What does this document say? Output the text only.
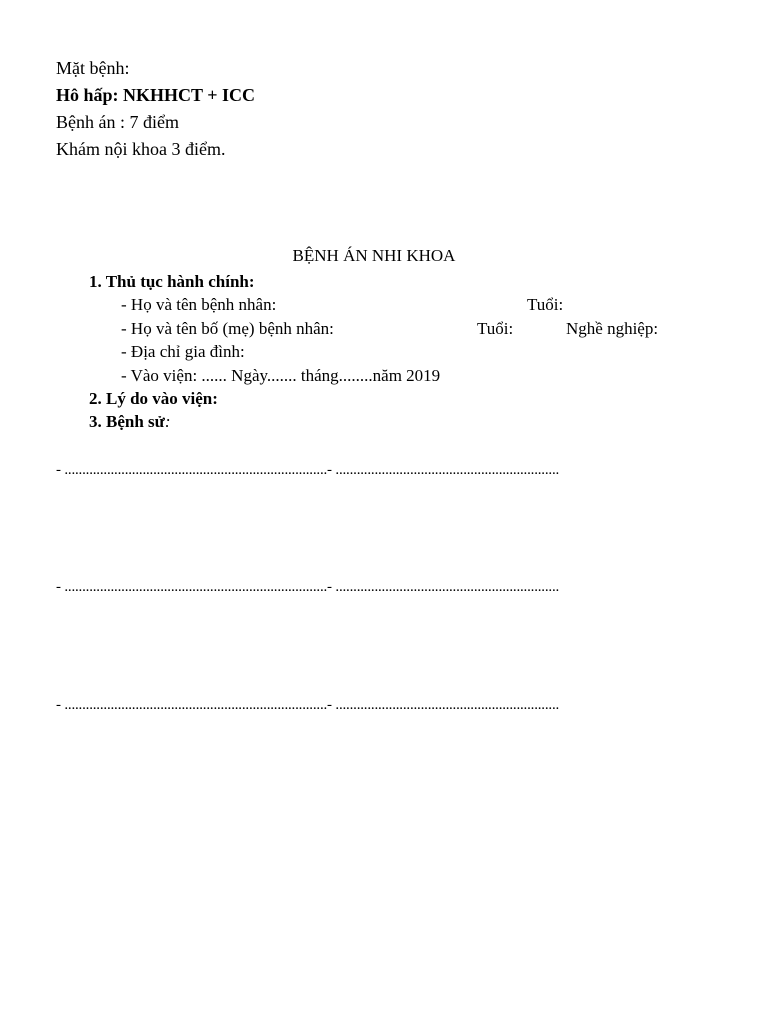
Mặt bệnh:
Hô hấp: NKHHCT + ICC
Bệnh án : 7 điểm
Khám nội khoa 3 điểm.
BỆNH ÁN NHI KHOA
1. Thủ tục hành chính:
- Họ và tên bệnh nhân:	Tuổi:
- Họ và tên bố (mẹ) bệnh nhân:	Tuổi:	Nghề nghiệp:
- Địa chỉ gia đình:
- Vào viện: ...... Ngày....... tháng........năm 2019
2. Lý do vào viện:
3. Bệnh sử:
- ..........................................................................- ...............................................................
- ..........................................................................- ...............................................................
- ..........................................................................- ...............................................................
